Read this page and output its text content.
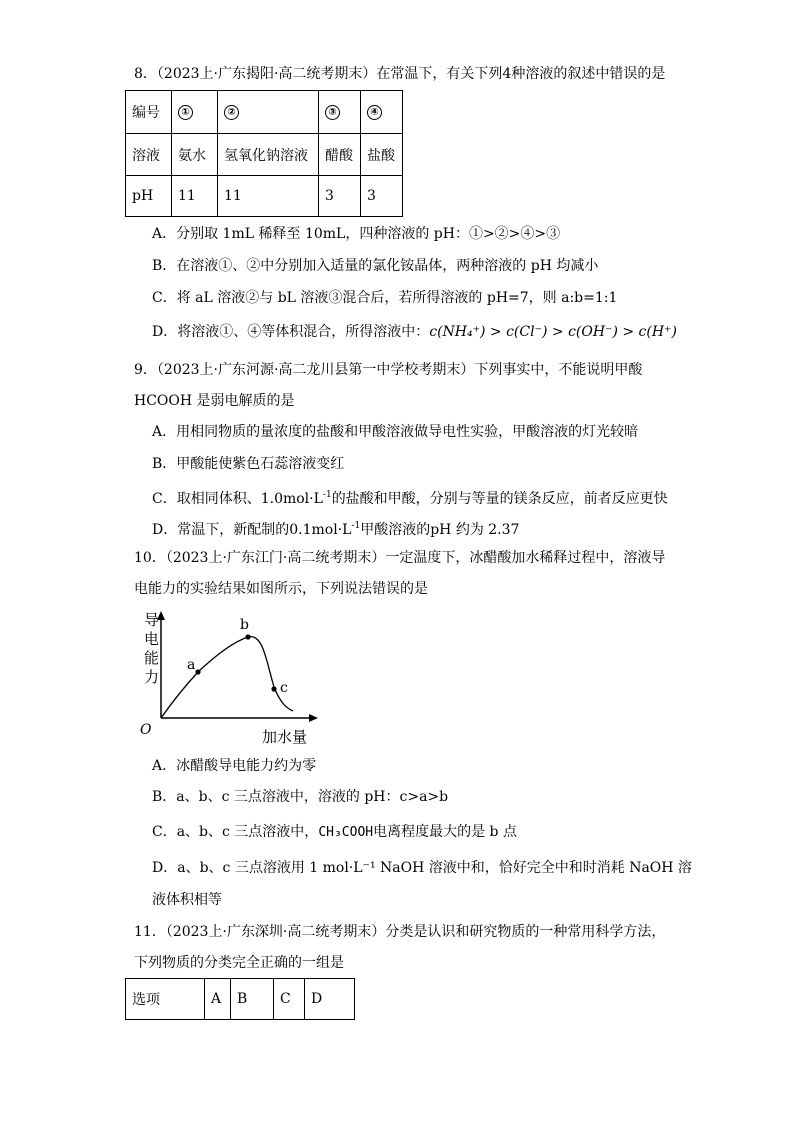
8．（2023上·广东揭阳·高二统考期末）在常温下，有关下列4种溶液的叙述中错误的是
编号	①	②	③	④
溶液	氨水	氢氧化钠溶液	醋酸	盐酸
pH	11	11	3	3
A．分别取 1mL 稀释至 10mL，四种溶液的 pH：①>②>④>③
B．在溶液①、②中分别加入适量的氯化铵晶体，两种溶液的 pH 均减小
C．将 aL 溶液②与 bL 溶液③混合后，若所得溶液的 pH=7，则 a:b=1:1
D．将溶液①、④等体积混合，所得溶液中：c(NH₄⁺) > c(Cl⁻) > c(OH⁻) > c(H⁺)
9．（2023上·广东河源·高二龙川县第一中学校考期末）下列事实中，不能说明甲酸
HCOOH 是弱电解质的是
A．用相同物质的量浓度的盐酸和甲酸溶液做导电性实验，甲酸溶液的灯光较暗
B．甲酸能使紫色石蕊溶液变红
C．取相同体积、$1.0mol\cdot L^{-1}$的盐酸和甲酸，分别与等量的镁条反应，前者反应更快
D．常温下，新配制的$0.1mol\cdot L^{-1}$甲酸溶液的pH 约为 2.37
10．（2023上·广东江门·高二统考期末）一定温度下，冰醋酸加水稀释过程中，溶液导
电能力的实验结果如图所示，下列说法错误的是
导
电
能
力
O	加水量
a
b
c
A．冰醋酸导电能力约为零
B．a、b、c 三点溶液中，溶液的 pH：c>a>b
C．a、b、c 三点溶液中，CH₃COOH电离程度最大的是 b 点
D．a、b、c 三点溶液用 1 mol·L⁻¹ NaOH 溶液中和，恰好完全中和时消耗 NaOH 溶
液体积相等
11．（2023上·广东深圳·高二统考期末）分类是认识和研究物质的一种常用科学方法，
下列物质的分类完全正确的一组是
选项	A	B	C	D
